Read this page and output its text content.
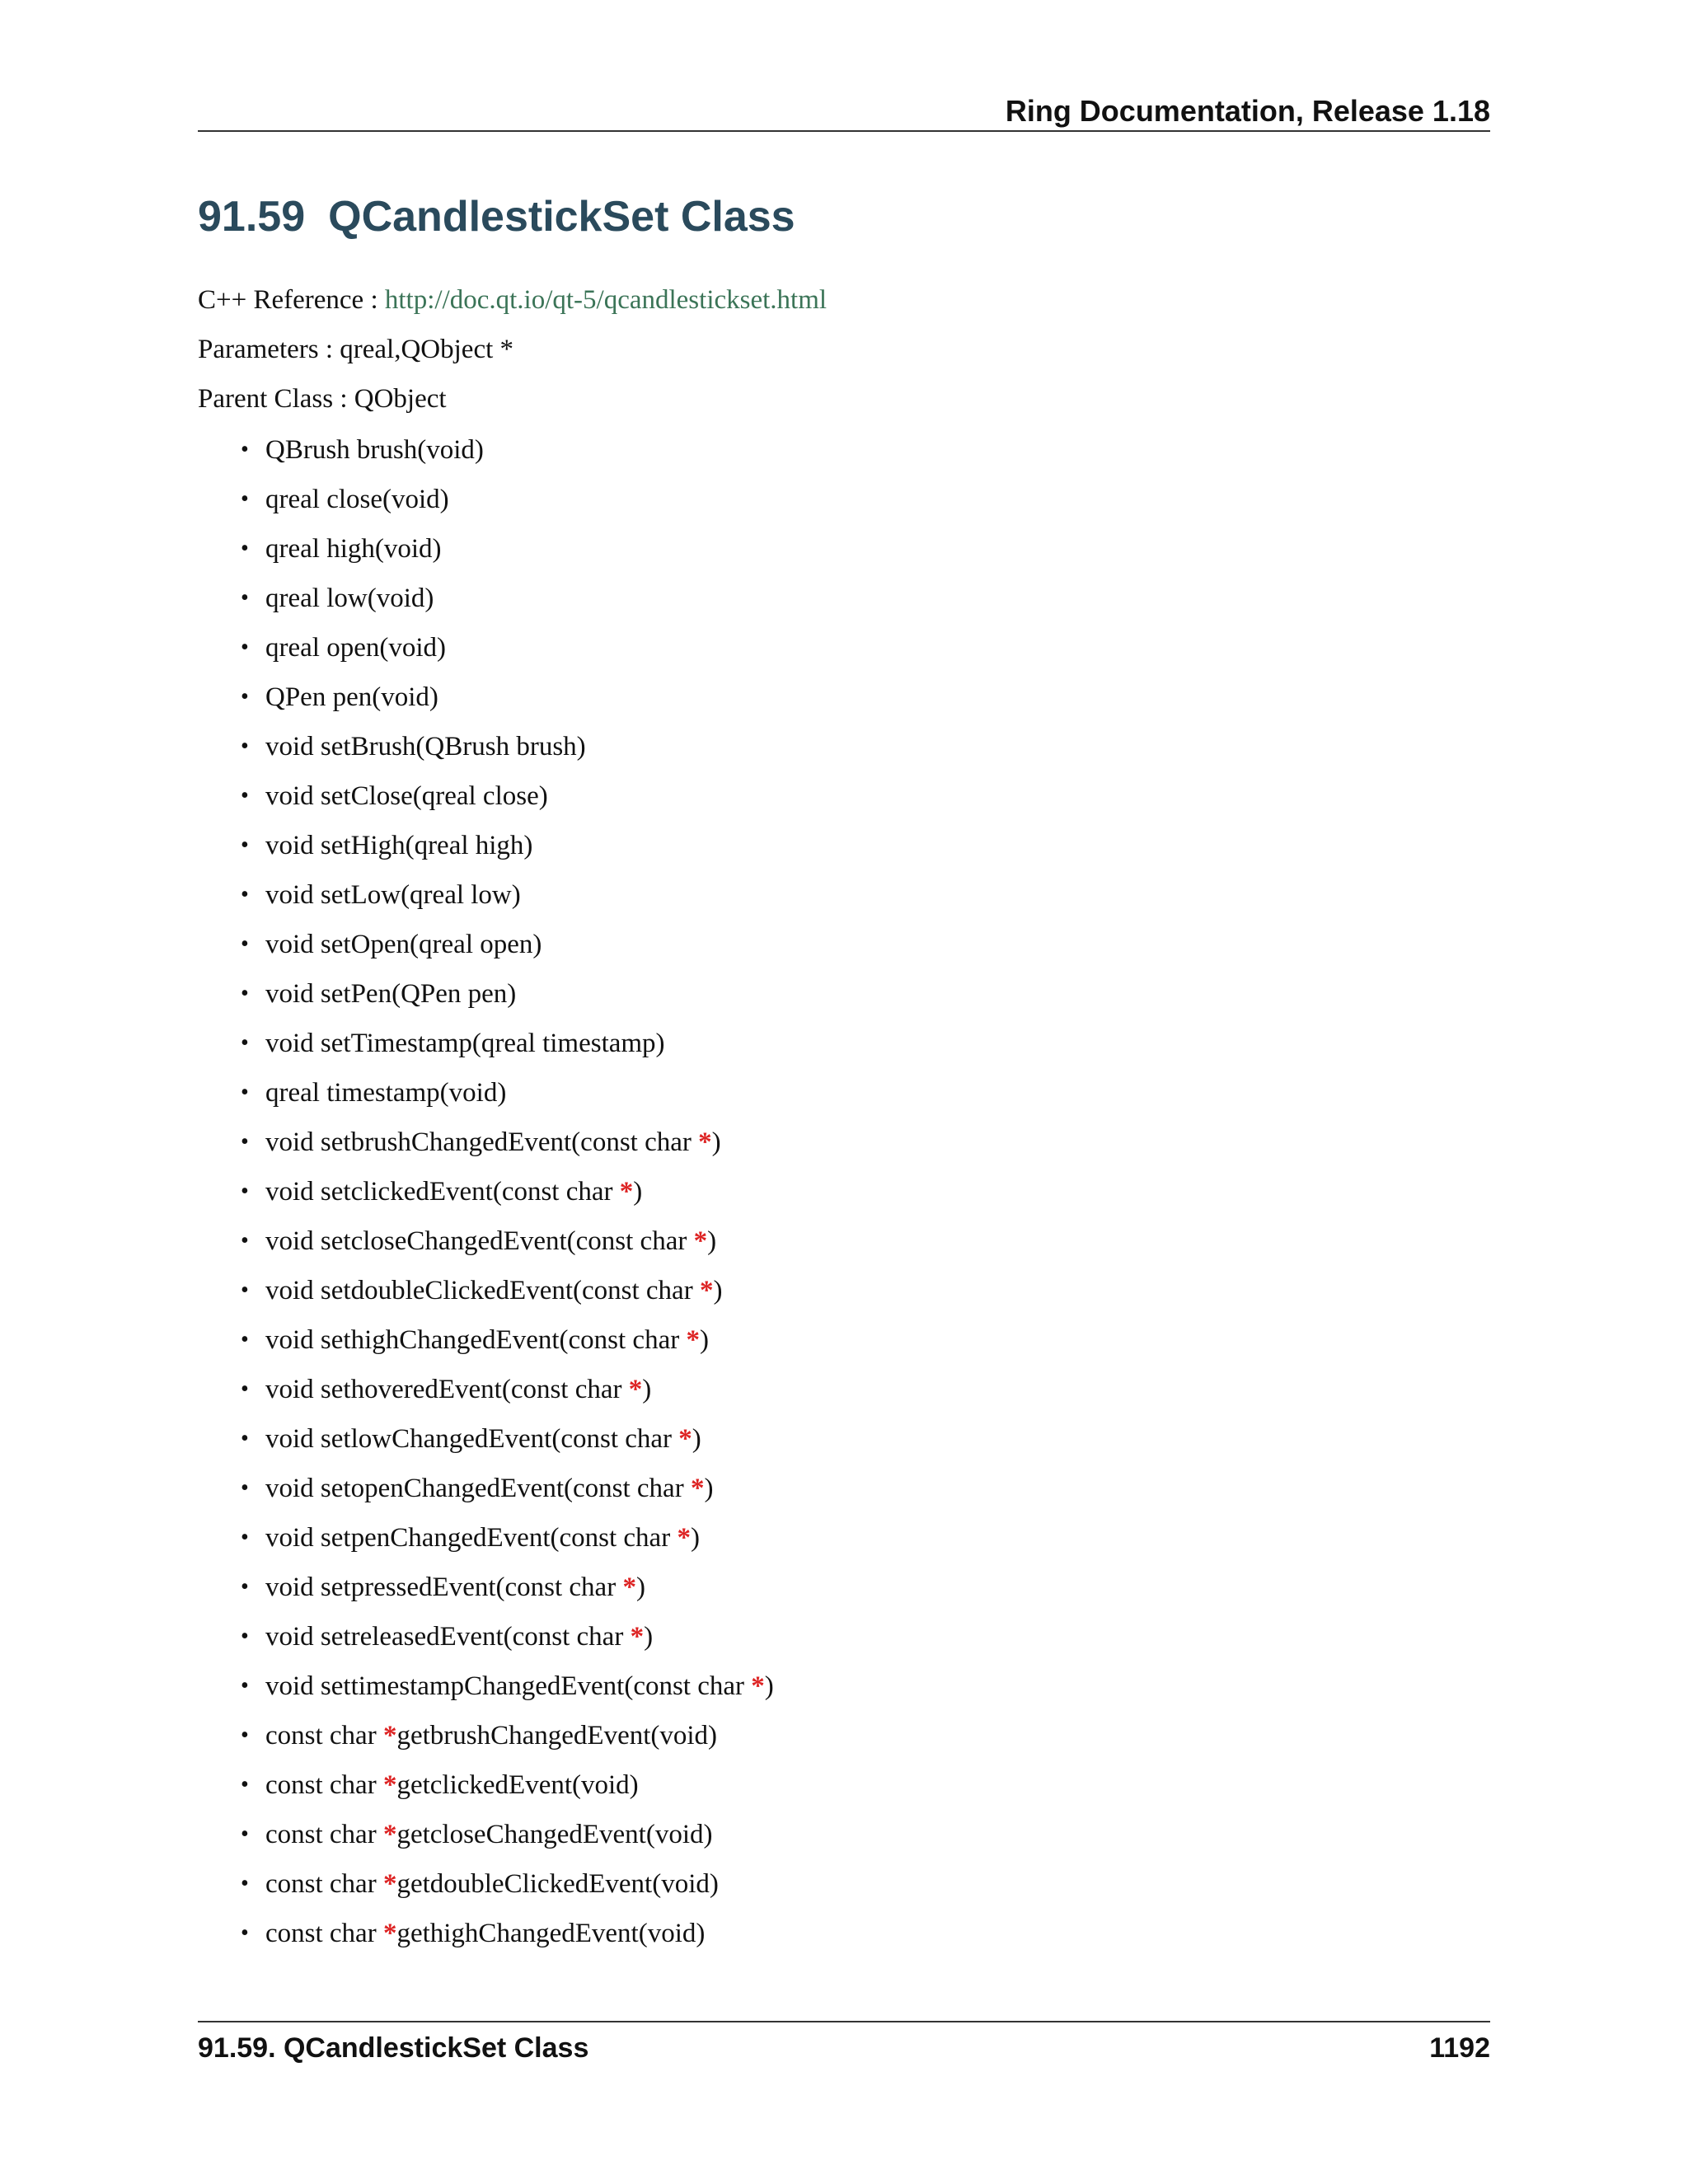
Ring Documentation, Release 1.18
91.59 QCandlestickSet Class
C++ Reference : http://doc.qt.io/qt-5/qcandlestickset.html
Parameters : qreal,QObject *
Parent Class : QObject
• QBrush brush(void)
• qreal close(void)
• qreal high(void)
• qreal low(void)
• qreal open(void)
• QPen pen(void)
• void setBrush(QBrush brush)
• void setClose(qreal close)
• void setHigh(qreal high)
• void setLow(qreal low)
• void setOpen(qreal open)
• void setPen(QPen pen)
• void setTimestamp(qreal timestamp)
• qreal timestamp(void)
• void setbrushChangedEvent(const char *)
• void setclickedEvent(const char *)
• void setcloseChangedEvent(const char *)
• void setdoubleClickedEvent(const char *)
• void sethighChangedEvent(const char *)
• void sethoveredEvent(const char *)
• void setlowChangedEvent(const char *)
• void setopenChangedEvent(const char *)
• void setpenChangedEvent(const char *)
• void setpressedEvent(const char *)
• void setreleasedEvent(const char *)
• void settimestampChangedEvent(const char *)
• const char *getbrushChangedEvent(void)
• const char *getclickedEvent(void)
• const char *getcloseChangedEvent(void)
• const char *getdoubleClickedEvent(void)
• const char *gethighChangedEvent(void)
91.59. QCandlestickSet Class	1192
